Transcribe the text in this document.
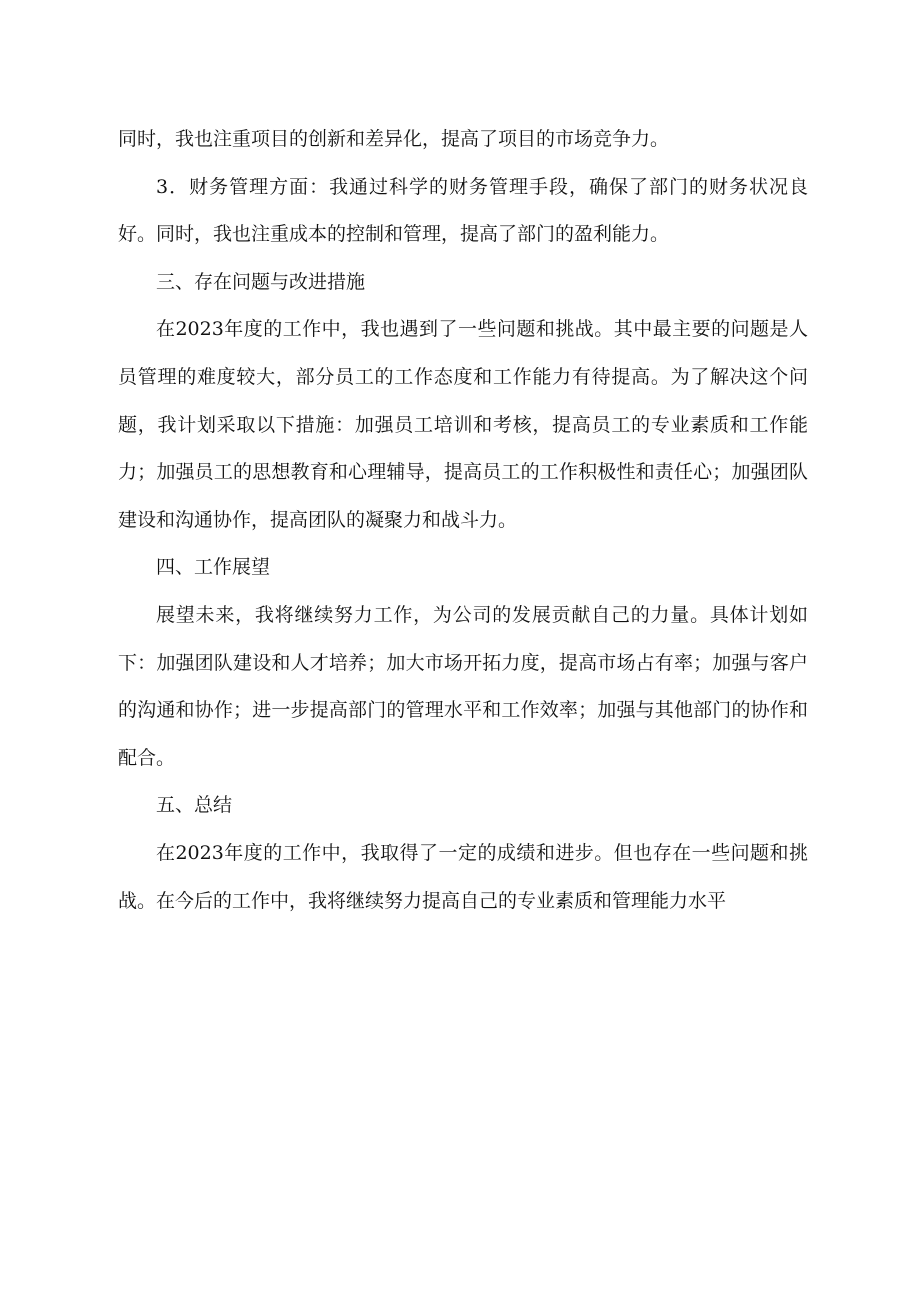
同时，我也注重项目的创新和差异化，提高了项目的市场竞争力。

3．财务管理方面：我通过科学的财务管理手段，确保了部门的财务状况良好。同时，我也注重成本的控制和管理，提高了部门的盈利能力。

三、存在问题与改进措施

在2023年度的工作中，我也遇到了一些问题和挑战。其中最主要的问题是人员管理的难度较大，部分员工的工作态度和工作能力有待提高。为了解决这个问题，我计划采取以下措施：加强员工培训和考核，提高员工的专业素质和工作能力；加强员工的思想教育和心理辅导，提高员工的工作积极性和责任心；加强团队建设和沟通协作，提高团队的凝聚力和战斗力。

四、工作展望

展望未来，我将继续努力工作，为公司的发展贡献自己的力量。具体计划如下：加强团队建设和人才培养；加大市场开拓力度，提高市场占有率；加强与客户的沟通和协作；进一步提高部门的管理水平和工作效率；加强与其他部门的协作和配合。

五、总结

在2023年度的工作中，我取得了一定的成绩和进步。但也存在一些问题和挑战。在今后的工作中，我将继续努力提高自己的专业素质和管理能力水平
